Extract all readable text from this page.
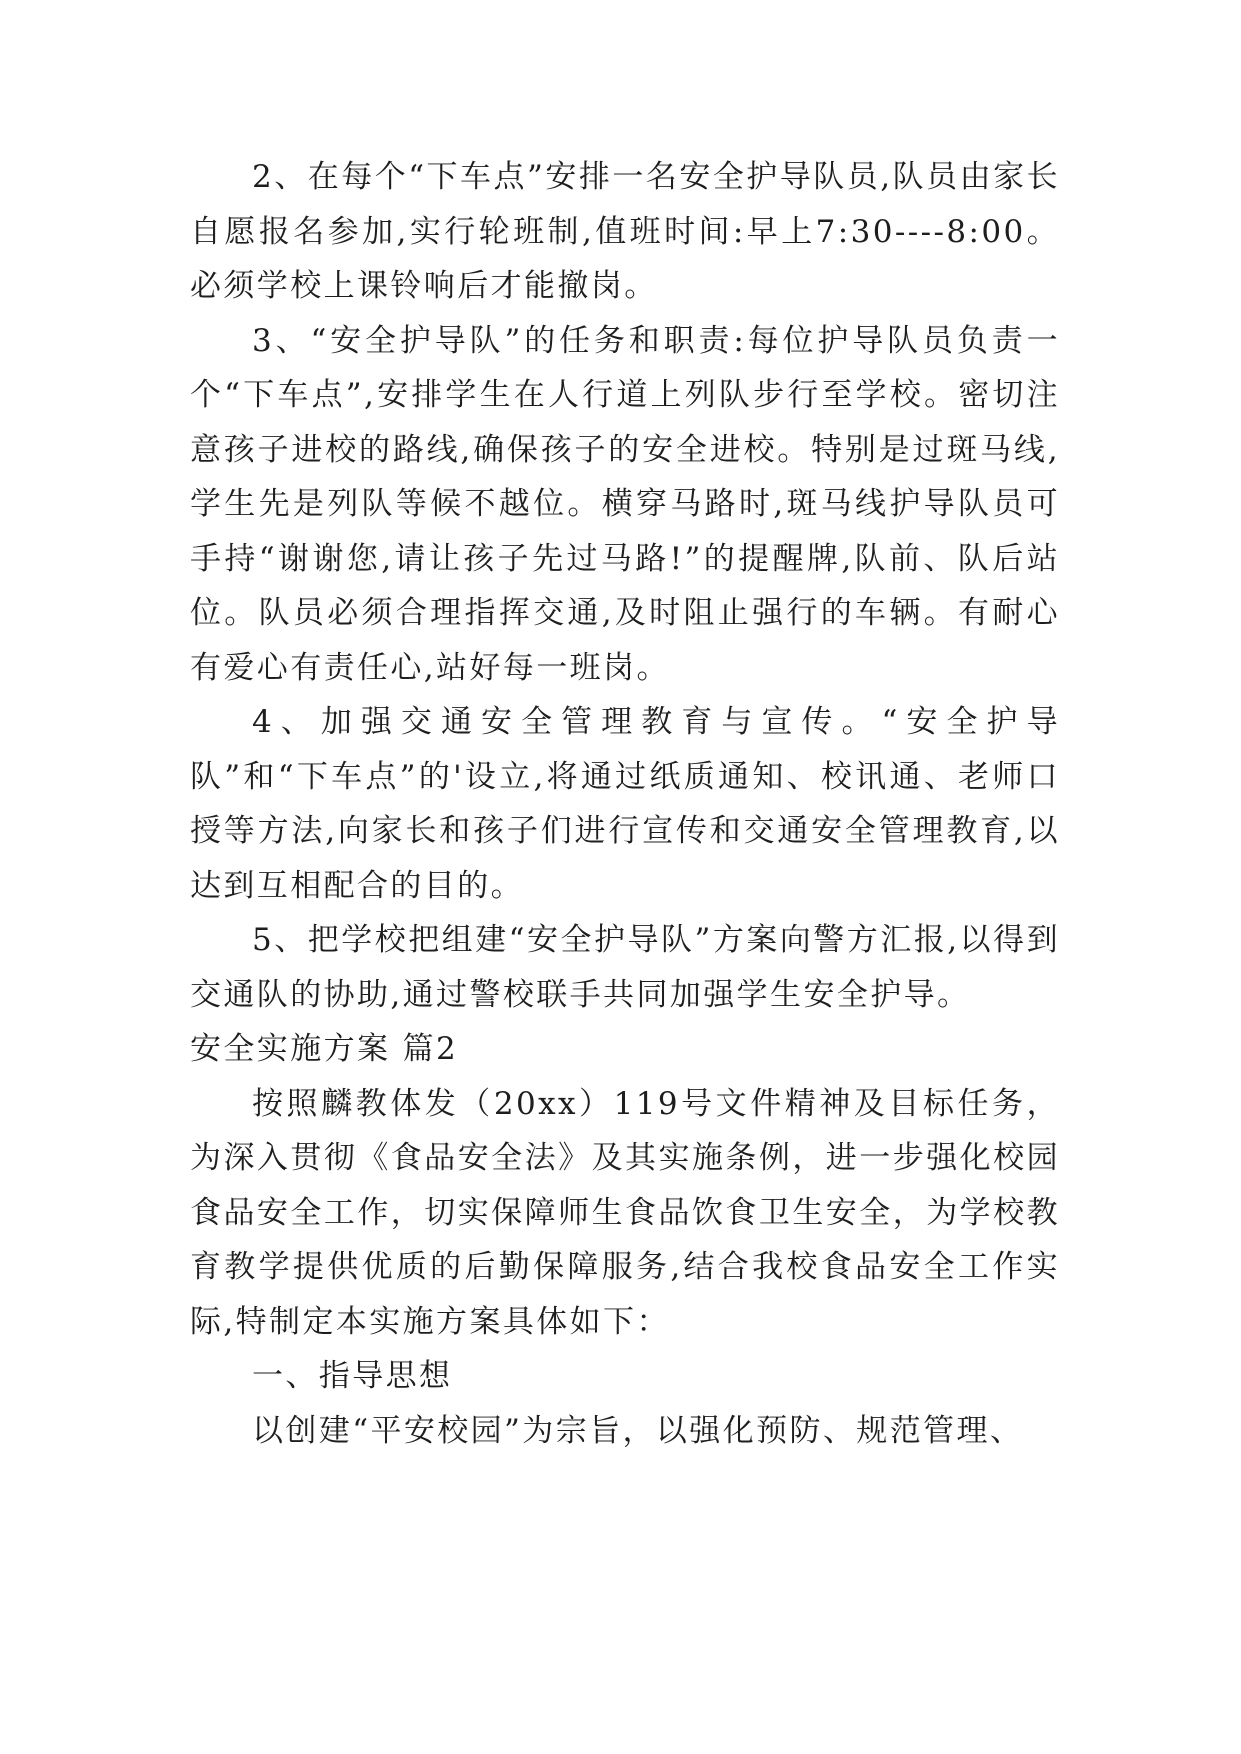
2、在每个“下车点”安排一名安全护导队员,队员由家长自愿报名参加,实行轮班制,值班时间:早上7:30----8:00。必须学校上课铃响后才能撤岗。

3、“安全护导队”的任务和职责:每位护导队员负责一个“下车点”,安排学生在人行道上列队步行至学校。密切注意孩子进校的路线,确保孩子的安全进校。特别是过斑马线,学生先是列队等候不越位。横穿马路时,斑马线护导队员可手持“谢谢您,请让孩子先过马路!”的提醒牌,队前、队后站位。队员必须合理指挥交通,及时阻止强行的车辆。有耐心有爱心有责任心,站好每一班岗。

4、加强交通安全管理教育与宣传。“安全护导队”和“下车点”的'设立,将通过纸质通知、校讯通、老师口授等方法,向家长和孩子们进行宣传和交通安全管理教育,以达到互相配合的目的。

5、把学校把组建“安全护导队”方案向警方汇报,以得到交通队的协助,通过警校联手共同加强学生安全护导。

安全实施方案 篇2

按照麟教体发（20xx）119号文件精神及目标任务，为深入贯彻《食品安全法》及其实施条例，进一步强化校园食品安全工作，切实保障师生食品饮食卫生安全，为学校教育教学提供优质的后勤保障服务,结合我校食品安全工作实际,特制定本实施方案具体如下：

一、指导思想

以创建“平安校园”为宗旨，以强化预防、规范管理、
